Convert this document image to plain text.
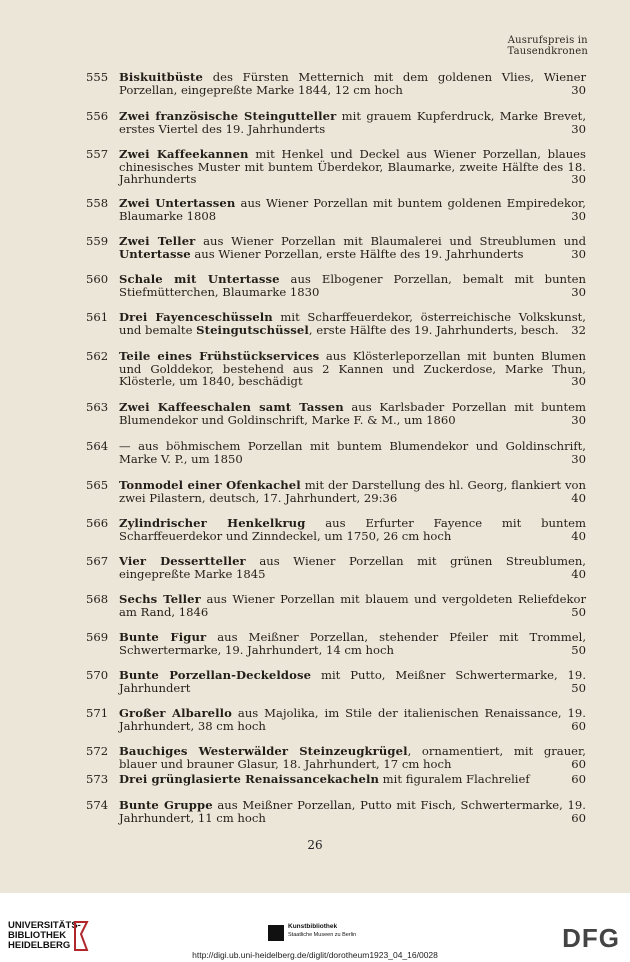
Ausrufspreis in
Tausendkronen
555 Biskuitbüste des Fürsten Metternich mit dem goldenen Vlies, Wiener Porzellan, eingepreßte Marke 1844, 12 cm hoch	30
556 Zwei französische Steingutteller mit grauem Kupferdruck, Marke Brevet, erstes Viertel des 19. Jahrhunderts	30
557 Zwei Kaffeekannen mit Henkel und Deckel aus Wiener Porzellan, blaues chinesisches Muster mit buntem Überdekor, Blaumarke, zweite Hälfte des 18. Jahrhunderts	30
558 Zwei Untertassen aus Wiener Porzellan mit buntem goldenen Empiredekor, Blaumarke 1808	30
559 Zwei Teller aus Wiener Porzellan mit Blaumalerei und Streublumen und Untertasse aus Wiener Porzellan, erste Hälfte des 19. Jahrhunderts	30
560 Schale mit Untertasse aus Elbogener Porzellan, bemalt mit bunten Stiefmütterchen, Blaumarke 1830	30
561 Drei Fayenceschüsseln mit Scharffeuerdekor, österreichische Volkskunst, und bemalte Steingutschüssel, erste Hälfte des 19. Jahrhunderts, besch. 32
562 Teile eines Frühstückservices aus Klösterleporzellan mit bunten Blumen und Golddekor, bestehend aus 2 Kannen und Zuckerdose, Marke Thun, Klösterle, um 1840, beschädigt	30
563 Zwei Kaffeeschalen samt Tassen aus Karlsbader Porzellan mit buntem Blumendekor und Goldinschrift, Marke F. & M., um 1860	30
564 — aus böhmischem Porzellan mit buntem Blumendekor und Goldinschrift, Marke V. P., um 1850	30
565 Tonmodel einer Ofenkachel mit der Darstellung des hl. Georg, flankiert von zwei Pilastern, deutsch, 17. Jahrhundert, 29:36	40
566 Zylindrischer Henkelkrug aus Erfurter Fayence mit buntem Scharffeuerdekor und Zinndeckel, um 1750, 26 cm hoch	40
567 Vier Dessertteller aus Wiener Porzellan mit grünen Streublumen, eingepreßte Marke 1845	40
568 Sechs Teller aus Wiener Porzellan mit blauem und vergoldeten Reliefdekor am Rand, 1846	50
569 Bunte Figur aus Meißner Porzellan, stehender Pfeiler mit Trommel, Schwertermarke, 19. Jahrhundert, 14 cm hoch	50
570 Bunte Porzellan-Deckeldose mit Putto, Meißner Schwertermarke, 19. Jahrhundert	50
571 Großer Albarello aus Majolika, im Stile der italienischen Renaissance, 19. Jahrhundert, 38 cm hoch	60
572 Bauchiges Westerwälder Steinzeugkrügel, ornamentiert, mit grauer, blauer und brauner Glasur, 18. Jahrhundert, 17 cm hoch	60
573 Drei grünglasierte Renaissancekacheln mit figuralem Flachrelief	60
574 Bunte Gruppe aus Meißner Porzellan, Putto mit Fisch, Schwertermarke, 19. Jahrhundert, 11 cm hoch	60
26
UNIVERSITÄTS-
BIBLIOTHEK
HEIDELBERG
Kunstbibliothek
Staatliche Museen zu Berlin	DFG
http://digi.ub.uni-heidelberg.de/diglit/dorotheum1923_04_16/0028
